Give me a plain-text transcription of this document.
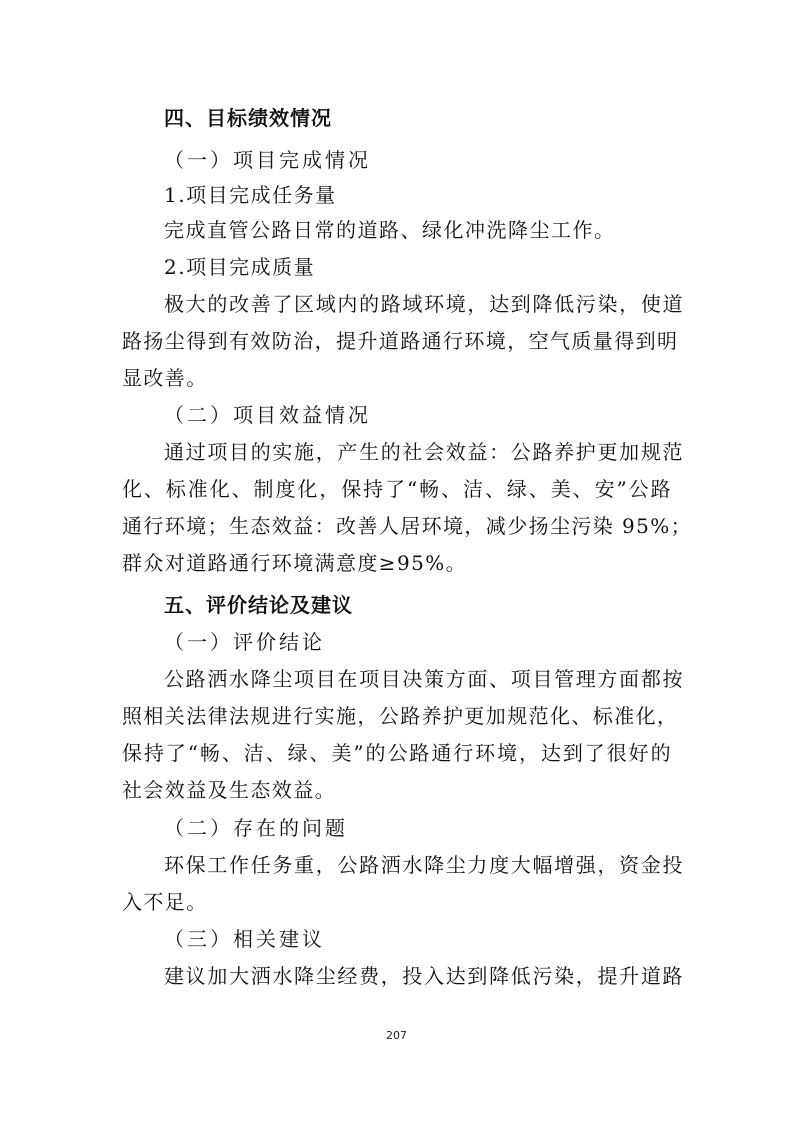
四、目标绩效情况
（一）项目完成情况
1.项目完成任务量
完成直管公路日常的道路、绿化冲洗降尘工作。
2.项目完成质量
极大的改善了区域内的路域环境，达到降低污染，使道
路扬尘得到有效防治，提升道路通行环境，空气质量得到明
显改善。
（二）项目效益情况
通过项目的实施，产生的社会效益：公路养护更加规范
化、标准化、制度化，保持了“畅、洁、绿、美、安”公路
通行环境；生态效益：改善人居环境，减少扬尘污染 95%；
群众对道路通行环境满意度≥95%。
五、评价结论及建议
（一）评价结论
公路洒水降尘项目在项目决策方面、项目管理方面都按
照相关法律法规进行实施，公路养护更加规范化、标准化，
保持了“畅、洁、绿、美”的公路通行环境，达到了很好的
社会效益及生态效益。
（二）存在的问题
环保工作任务重，公路洒水降尘力度大幅增强，资金投
入不足。
（三）相关建议
建议加大洒水降尘经费，投入达到降低污染，提升道路
207
